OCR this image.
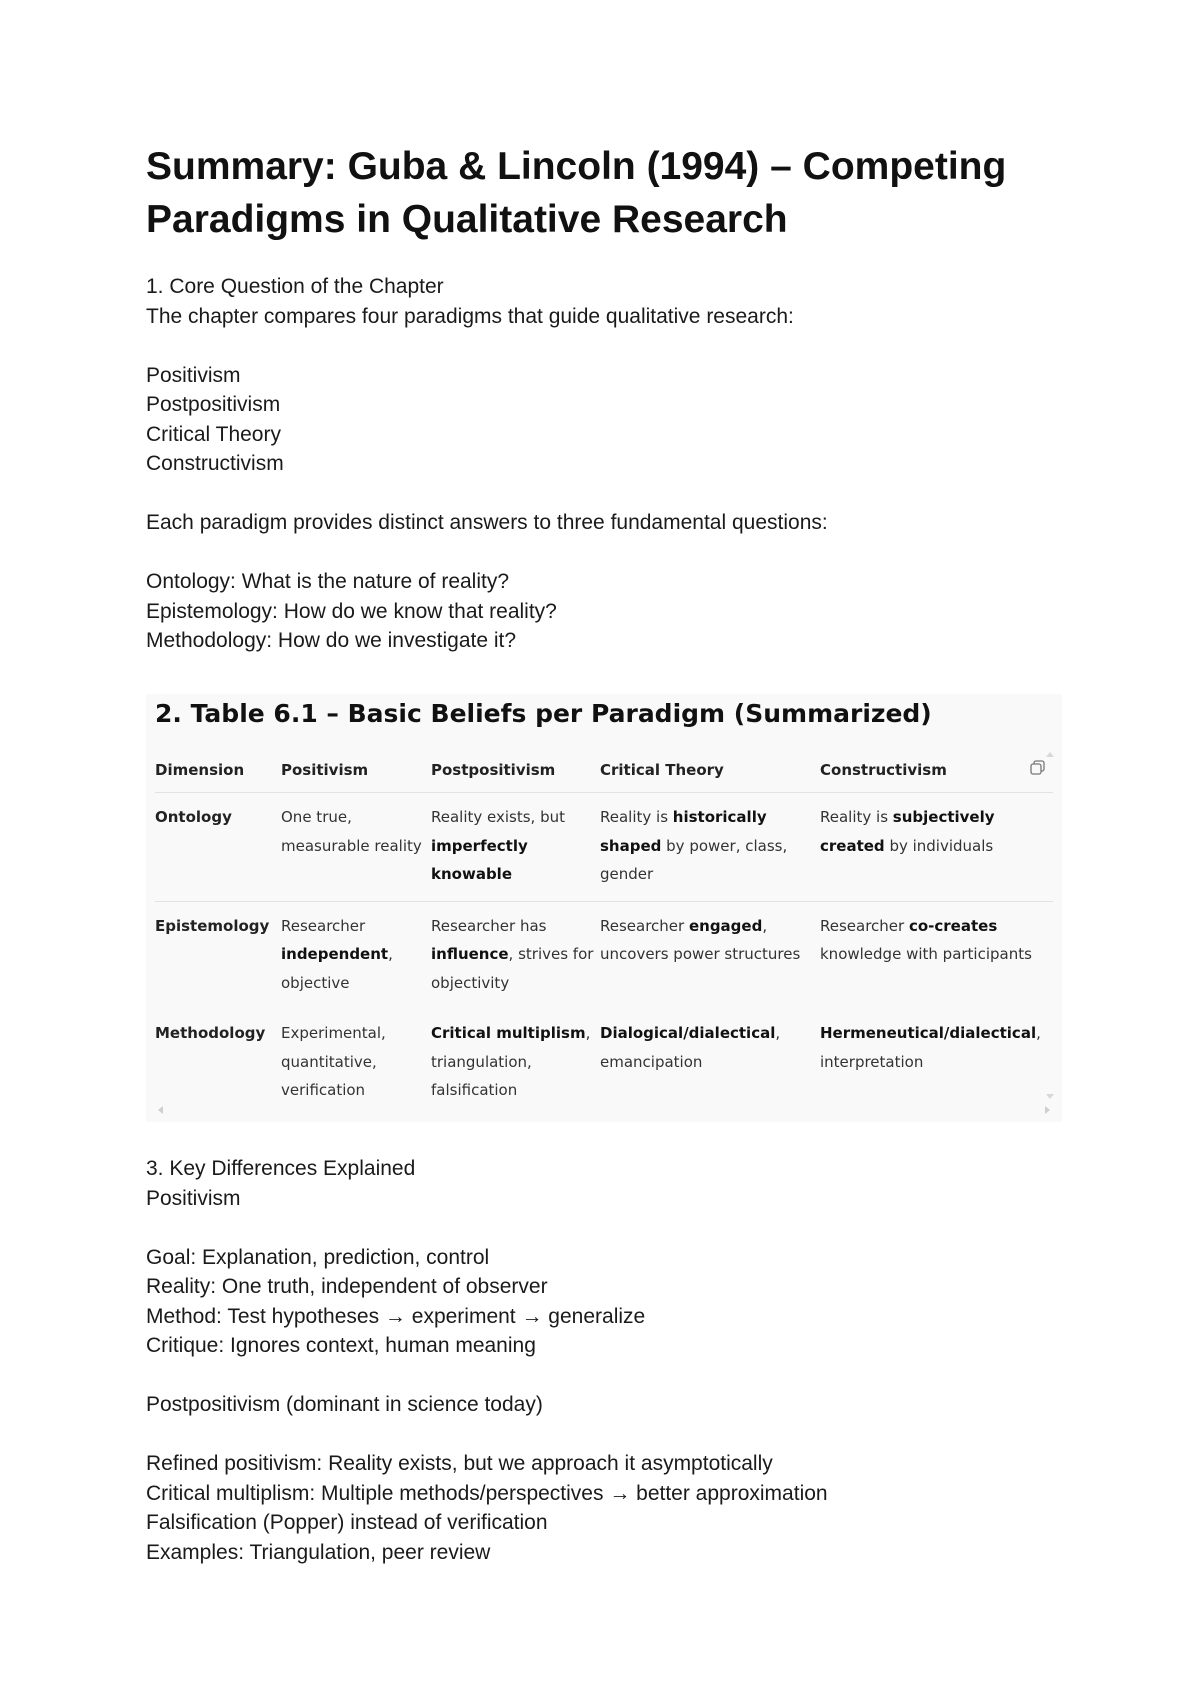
Summary: Guba & Lincoln (1994) – Competing Paradigms in Qualitative Research

1. Core Question of the Chapter

The chapter compares four paradigms that guide qualitative research:

Positivism

Postpositivism

Critical Theory

Constructivism

Each paradigm provides distinct answers to three fundamental questions:

Ontology: What is the nature of reality?

Epistemology: How do we know that reality?

Methodology: How do we investigate it?

2. Table 6.1 – Basic Beliefs per Paradigm (Summarized)
Dimension	Positivism	Postpositivism	Critical Theory	Constructivism
Ontology	One true, measurable reality	Reality exists, but imperfectly knowable	Reality is historically shaped by power, class, gender	Reality is subjectively created by individuals
Epistemology	Researcher independent, objective	Researcher has influence, strives for objectivity	Researcher engaged, uncovers power structures	Researcher co-creates knowledge with participants
Methodology	Experimental, quantitative, verification	Critical multiplism, triangulation, falsification	Dialogical/dialectical, emancipation	Hermeneutical/dialectical, interpretation

3. Key Differences Explained

Positivism

Goal: Explanation, prediction, control

Reality: One truth, independent of observer

Method: Test hypotheses → experiment → generalize

Critique: Ignores context, human meaning

Postpositivism (dominant in science today)

Refined positivism: Reality exists, but we approach it asymptotically

Critical multiplism: Multiple methods/perspectives → better approximation

Falsification (Popper) instead of verification

Examples: Triangulation, peer review
